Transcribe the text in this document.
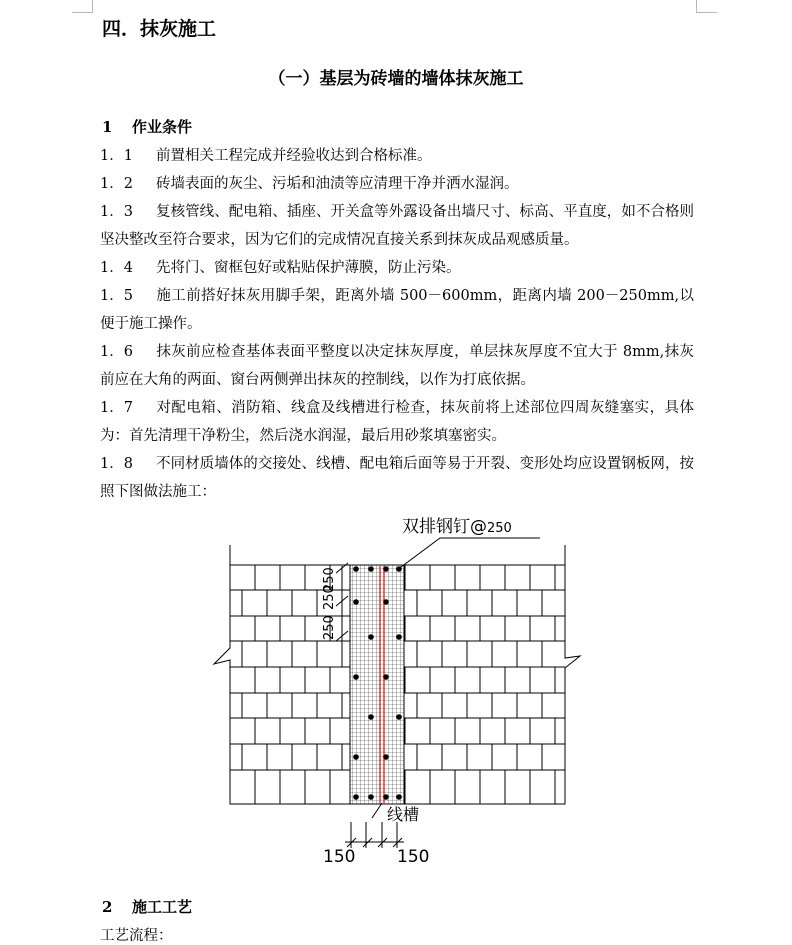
四．抹灰施工
（一）基层为砖墙的墙体抹灰施工
1 作业条件
1．1 前置相关工程完成并经验收达到合格标准。
1．2 砖墙表面的灰尘、污垢和油渍等应清理干净并洒水湿润。
1．3 复核管线、配电箱、插座、开关盒等外露设备出墙尺寸、标高、平直度，如不合格则坚决整改至符合要求，因为它们的完成情况直接关系到抹灰成品观感质量。
1．4 先将门、窗框包好或粘贴保护薄膜，防止污染。
1．5 施工前搭好抹灰用脚手架，距离外墙 500－600mm，距离内墙 200－250mm,以便于施工操作。
1．6 抹灰前应检查基体表面平整度以决定抹灰厚度，单层抹灰厚度不宜大于 8mm,抹灰前应在大角的两面、窗台两侧弹出抹灰的控制线，以作为打底依据。
1．7 对配电箱、消防箱、线盒及线槽进行检查，抹灰前将上述部位四周灰缝塞实，具体为：首先清理干净粉尘，然后浇水润湿，最后用砂浆填塞密实。
1．8 不同材质墙体的交接处、线槽、配电箱后面等易于开裂、变形处均应设置钢板网，按照下图做法施工：
双排钢钉@250
250
250
250
线槽
150 150
2 施工工艺
工艺流程：
